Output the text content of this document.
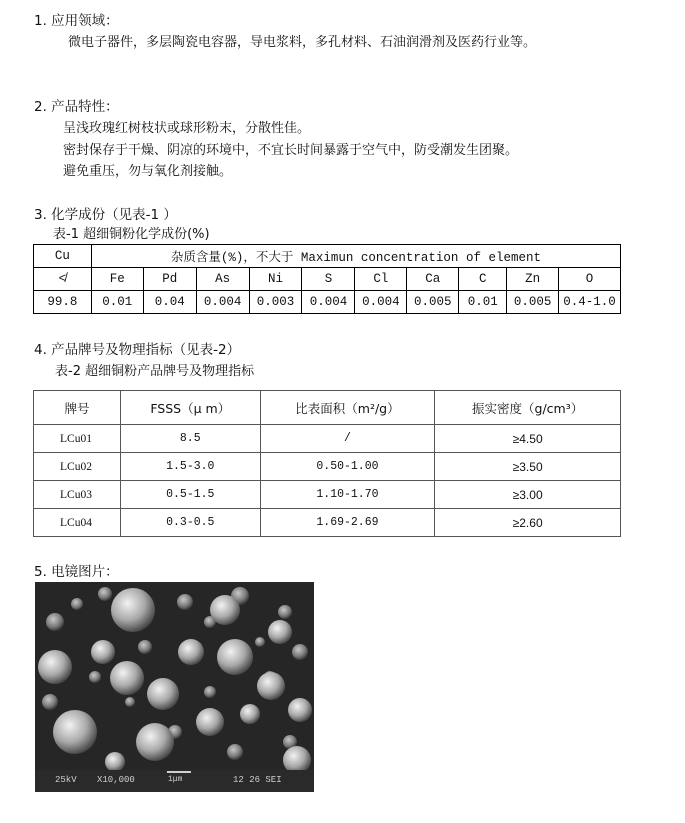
1. 应用领域：
微电子器件，多层陶瓷电容器，导电浆料，多孔材料、石油润滑剂及医药行业等。
2. 产品特性：
呈浅玫瑰红树枝状或球形粉末，分散性佳。
密封保存于干燥、阴凉的环境中，不宜长时间暴露于空气中，防受潮发生团聚。
避免重压，勿与氧化剂接触。
3. 化学成份（见表-1 ）
表-1 超细铜粉化学成份(%)
Cu	杂质含量(%)，不大于 Maximun concentration of element									
≮	Fe	Pd	As	Ni	S	Cl	Ca	C	Zn	O
99.8	0.01	0.04	0.004	0.003	0.004	0.004	0.005	0.01	0.005	0.4-1.0
4. 产品牌号及物理指标（见表-2）
表-2 超细铜粉产品牌号及物理指标
牌号	FSSS（μ m）	比表面积（m²/g）	振实密度（g/cm³）
LCu01	8.5	/	≥4.50
LCu02	1.5-3.0	0.50-1.00	≥3.50
LCu03	0.5-1.5	1.10-1.70	≥3.00
LCu04	0.3-0.5	1.69-2.69	≥2.60
5. 电镜图片：
25kV X10,000	1μm	12 26 SEI
